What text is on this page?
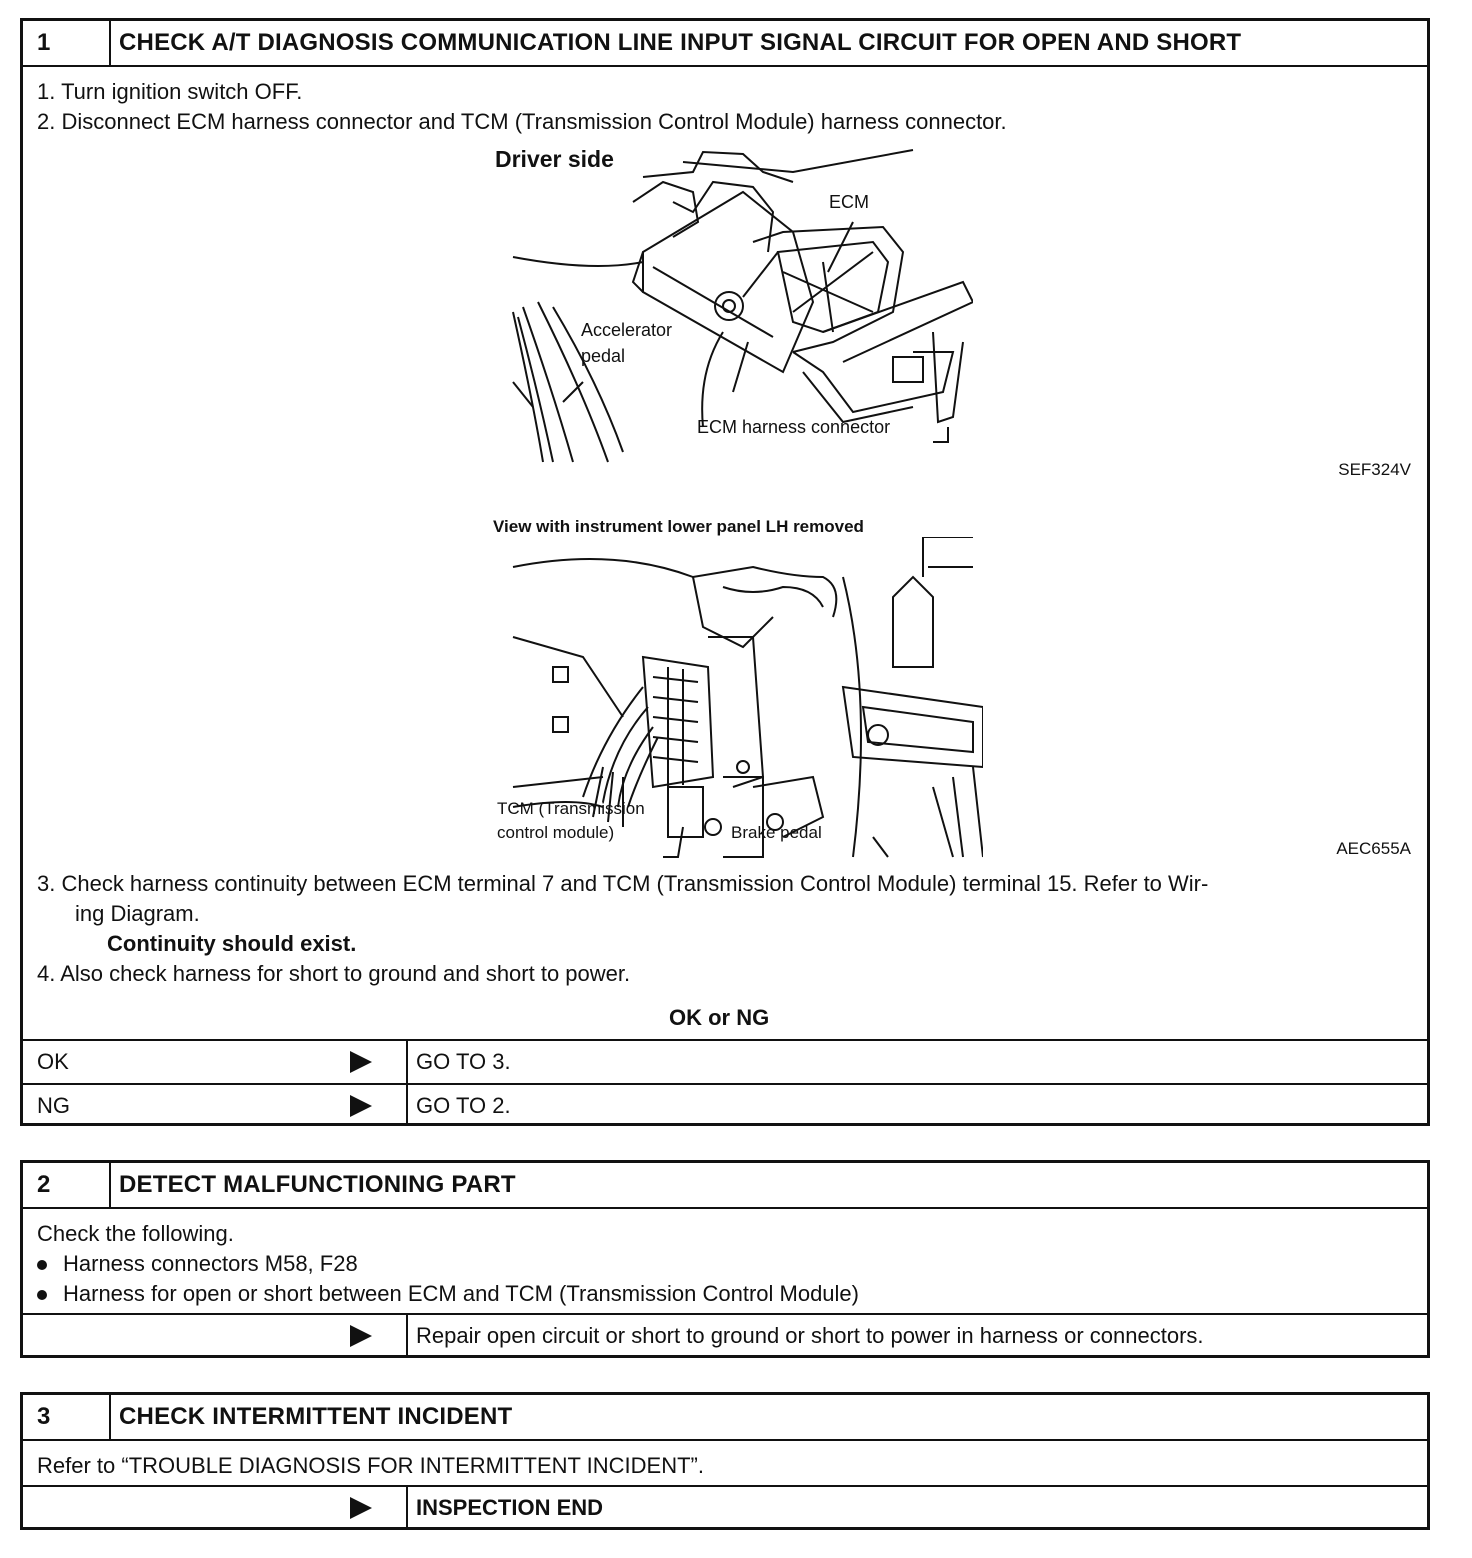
1	CHECK A/T DIAGNOSIS COMMUNICATION LINE INPUT SIGNAL CIRCUIT FOR OPEN AND SHORT
1. Turn ignition switch OFF.
2. Disconnect ECM harness connector and TCM (Transmission Control Module) harness connector.
Driver side
ECM
Accelerator
pedal
ECM harness connector
SEF324V
View with instrument lower panel LH removed
TCM (Transmission
control module)	Brake pedal
AEC655A
3. Check harness continuity between ECM terminal 7 and TCM (Transmission Control Module) terminal 15. Refer to Wir-
ing Diagram.
Continuity should exist.
4. Also check harness for short to ground and short to power.
OK or NG
OK	GO TO 3.
NG	GO TO 2.
2	DETECT MALFUNCTIONING PART
Check the following.
Harness connectors M58, F28
Harness for open or short between ECM and TCM (Transmission Control Module)
Repair open circuit or short to ground or short to power in harness or connectors.
3	CHECK INTERMITTENT INCIDENT
Refer to “TROUBLE DIAGNOSIS FOR INTERMITTENT INCIDENT”.
INSPECTION END
